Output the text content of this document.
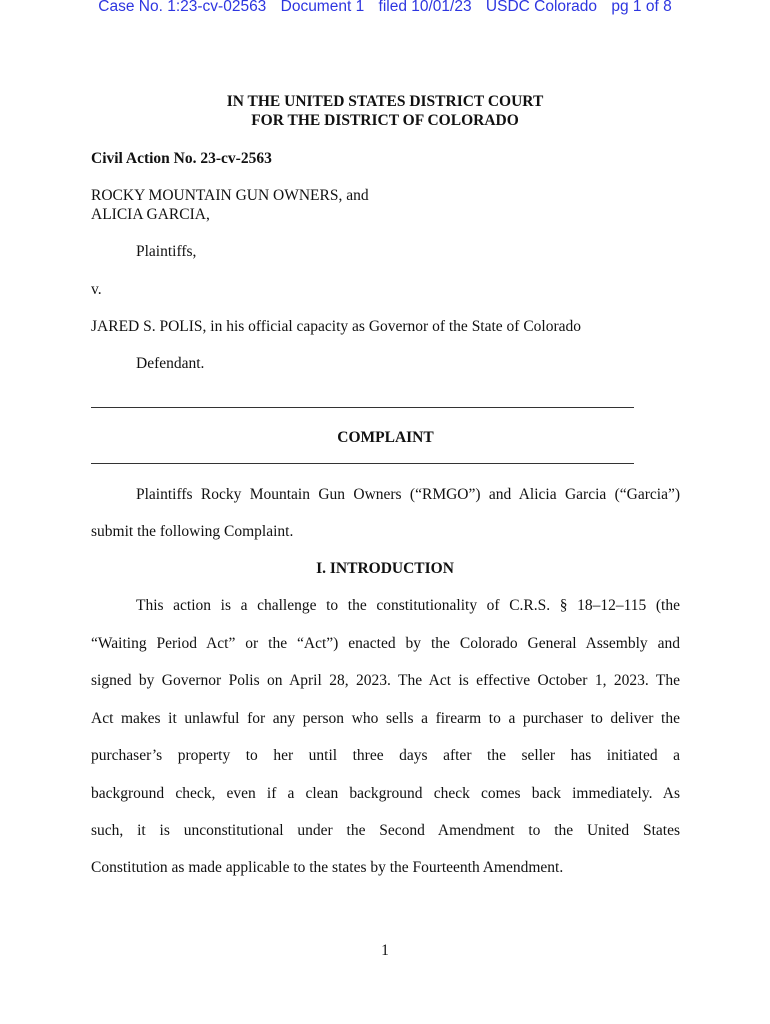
Case No. 1:23-cv-02563 Document 1 filed 10/01/23 USDC Colorado pg 1 of 8
IN THE UNITED STATES DISTRICT COURT
FOR THE DISTRICT OF COLORADO
Civil Action No. 23-cv-2563
ROCKY MOUNTAIN GUN OWNERS, and
ALICIA GARCIA,
Plaintiffs,
v.
JARED S. POLIS, in his official capacity as Governor of the State of Colorado
Defendant.
COMPLAINT
Plaintiffs Rocky Mountain Gun Owners (“RMGO”) and Alicia Garcia (“Garcia”)
submit the following Complaint.
I. INTRODUCTION
This action is a challenge to the constitutionality of C.R.S. § 18–12–115 (the
“Waiting Period Act” or the “Act”) enacted by the Colorado General Assembly and
signed by Governor Polis on April 28, 2023. The Act is effective October 1, 2023. The
Act makes it unlawful for any person who sells a firearm to a purchaser to deliver the
purchaser’s property to her until three days after the seller has initiated a
background check, even if a clean background check comes back immediately. As
such, it is unconstitutional under the Second Amendment to the United States
Constitution as made applicable to the states by the Fourteenth Amendment.
1
